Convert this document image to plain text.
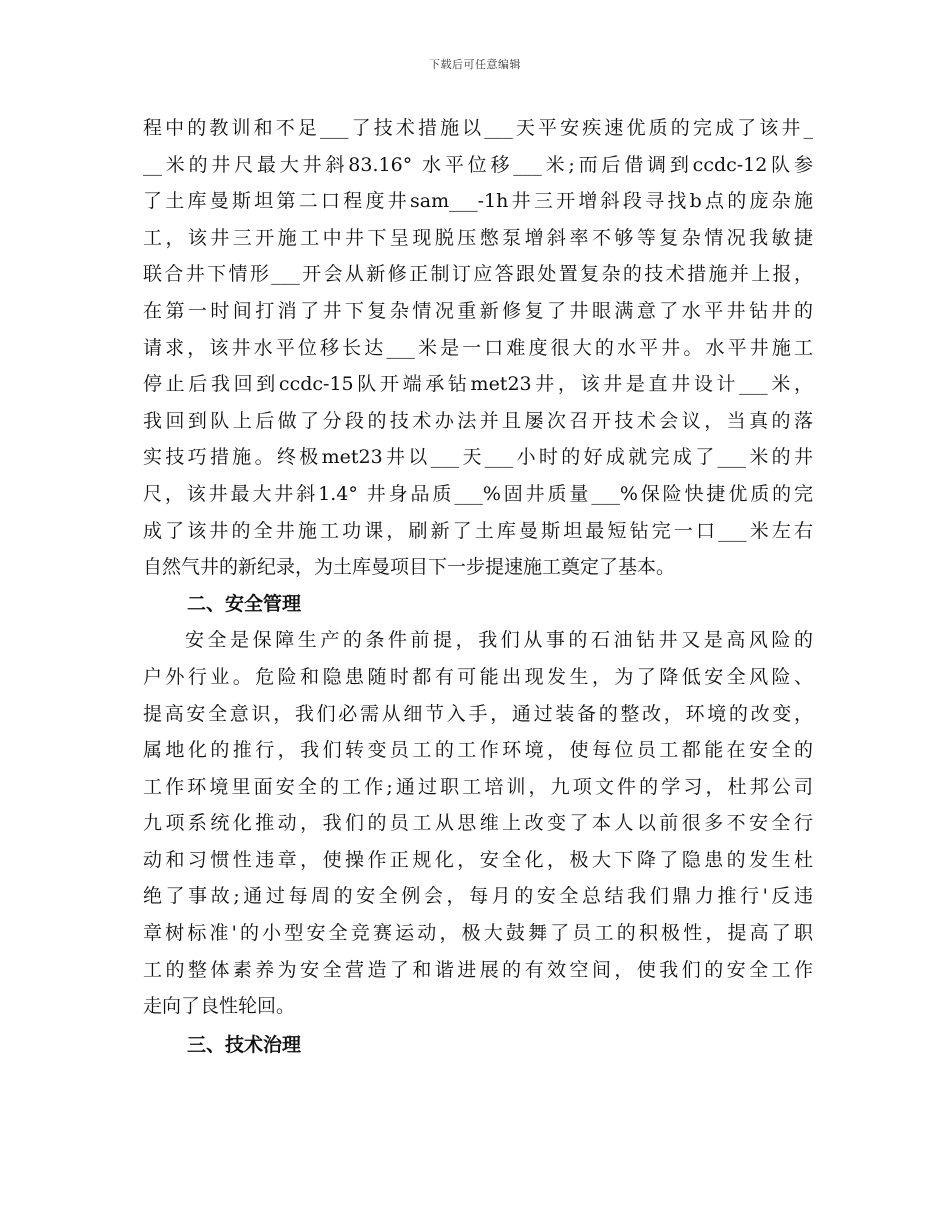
下载后可任意编辑
程中的教训和不足___了技术措施以___天平安疾速优质的完成了该井_
__米的井尺最大井斜83.16° 水平位移___米;而后借调到ccdc-12队参
了土库曼斯坦第二口程度井sam___-1h井三开增斜段寻找b点的庞杂施
工，该井三开施工中井下呈现脱压憋泵增斜率不够等复杂情况我敏捷
联合井下情形___开会从新修正制订应答跟处置复杂的技术措施并上报，
在第一时间打消了井下复杂情况重新修复了井眼满意了水平井钻井的
请求，该井水平位移长达___米是一口难度很大的水平井。水平井施工
停止后我回到ccdc-15队开端承钻met23井，该井是直井设计___米，
我回到队上后做了分段的技术办法并且屡次召开技术会议，当真的落
实技巧措施。终极met23井以___天___小时的好成就完成了___米的井
尺，该井最大井斜1.4° 井身品质___%固井质量___%保险快捷优质的完
成了该井的全井施工功课，刷新了土库曼斯坦最短钻完一口___米左右
自然气井的新纪录，为土库曼项目下一步提速施工奠定了基本。
二、安全管理
安全是保障生产的条件前提，我们从事的石油钻井又是高风险的
户外行业。危险和隐患随时都有可能出现发生，为了降低安全风险、
提高安全意识，我们必需从细节入手，通过装备的整改，环境的改变，
属地化的推行，我们转变员工的工作环境，使每位员工都能在安全的
工作环境里面安全的工作;通过职工培训，九项文件的学习，杜邦公司
九项系统化推动，我们的员工从思维上改变了本人以前很多不安全行
动和习惯性违章，使操作正规化，安全化，极大下降了隐患的发生杜
绝了事故;通过每周的安全例会，每月的安全总结我们鼎力推行'反违
章树标准'的小型安全竞赛运动，极大鼓舞了员工的积极性，提高了职
工的整体素养为安全营造了和谐进展的有效空间，使我们的安全工作
走向了良性轮回。
三、技术治理
